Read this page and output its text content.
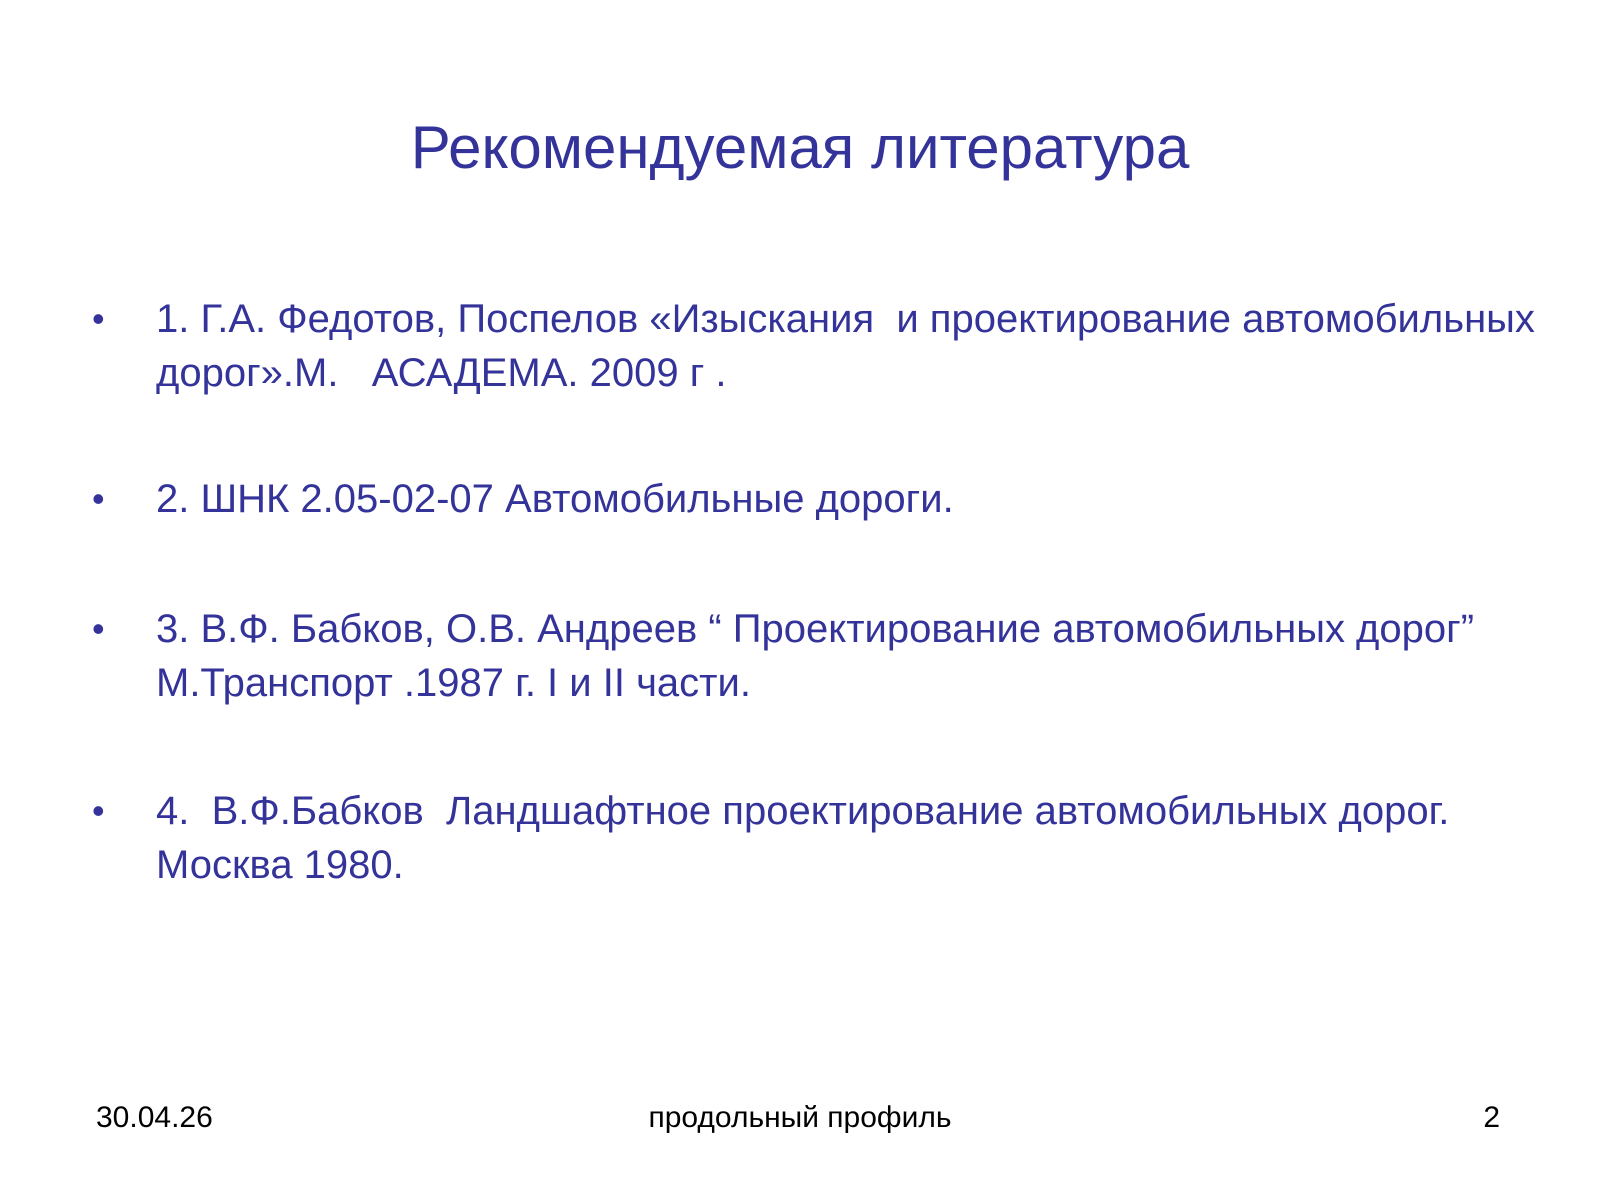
Рекомендуемая литература
• 1. Г.А. Федотов, Поспелов «Изыскания  и проектирование автомобильных дорог».М.   АСАДЕМА. 2009 г .
• 2. ШНК 2.05-02-07 Автомобильные дороги.
• 3. В.Ф. Бабков, О.В. Андреев “ Проектирование автомобильных дорог”  М.Транспорт .1987 г. I и II части.
• 4.  В.Ф.Бабков  Ландшафтное проектирование автомобильных дорог. Москва 1980.
30.04.26	продольный профиль	2
